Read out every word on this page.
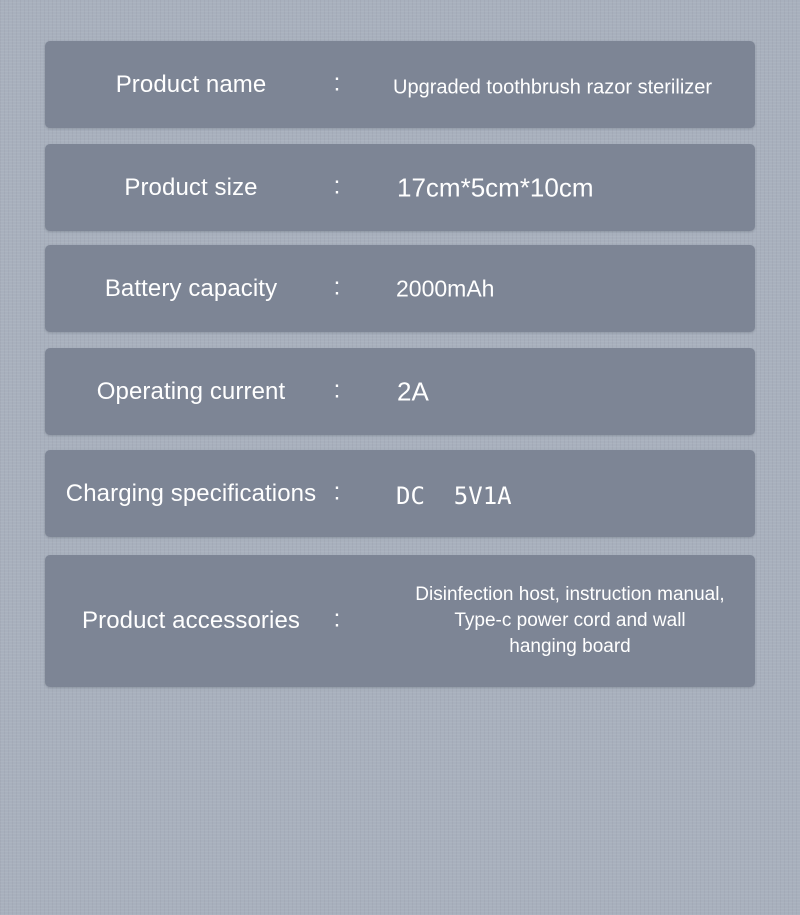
Product name	:	Upgraded toothbrush razor sterilizer
Product size	: 17cm*5cm*10cm
Battery capacity	: 2000mAh
Operating current	: 2A
Charging specifications : DC  5V1A
Product accessories	:
Disinfection host, instruction manual,
Type-c power cord and wall
hanging board
